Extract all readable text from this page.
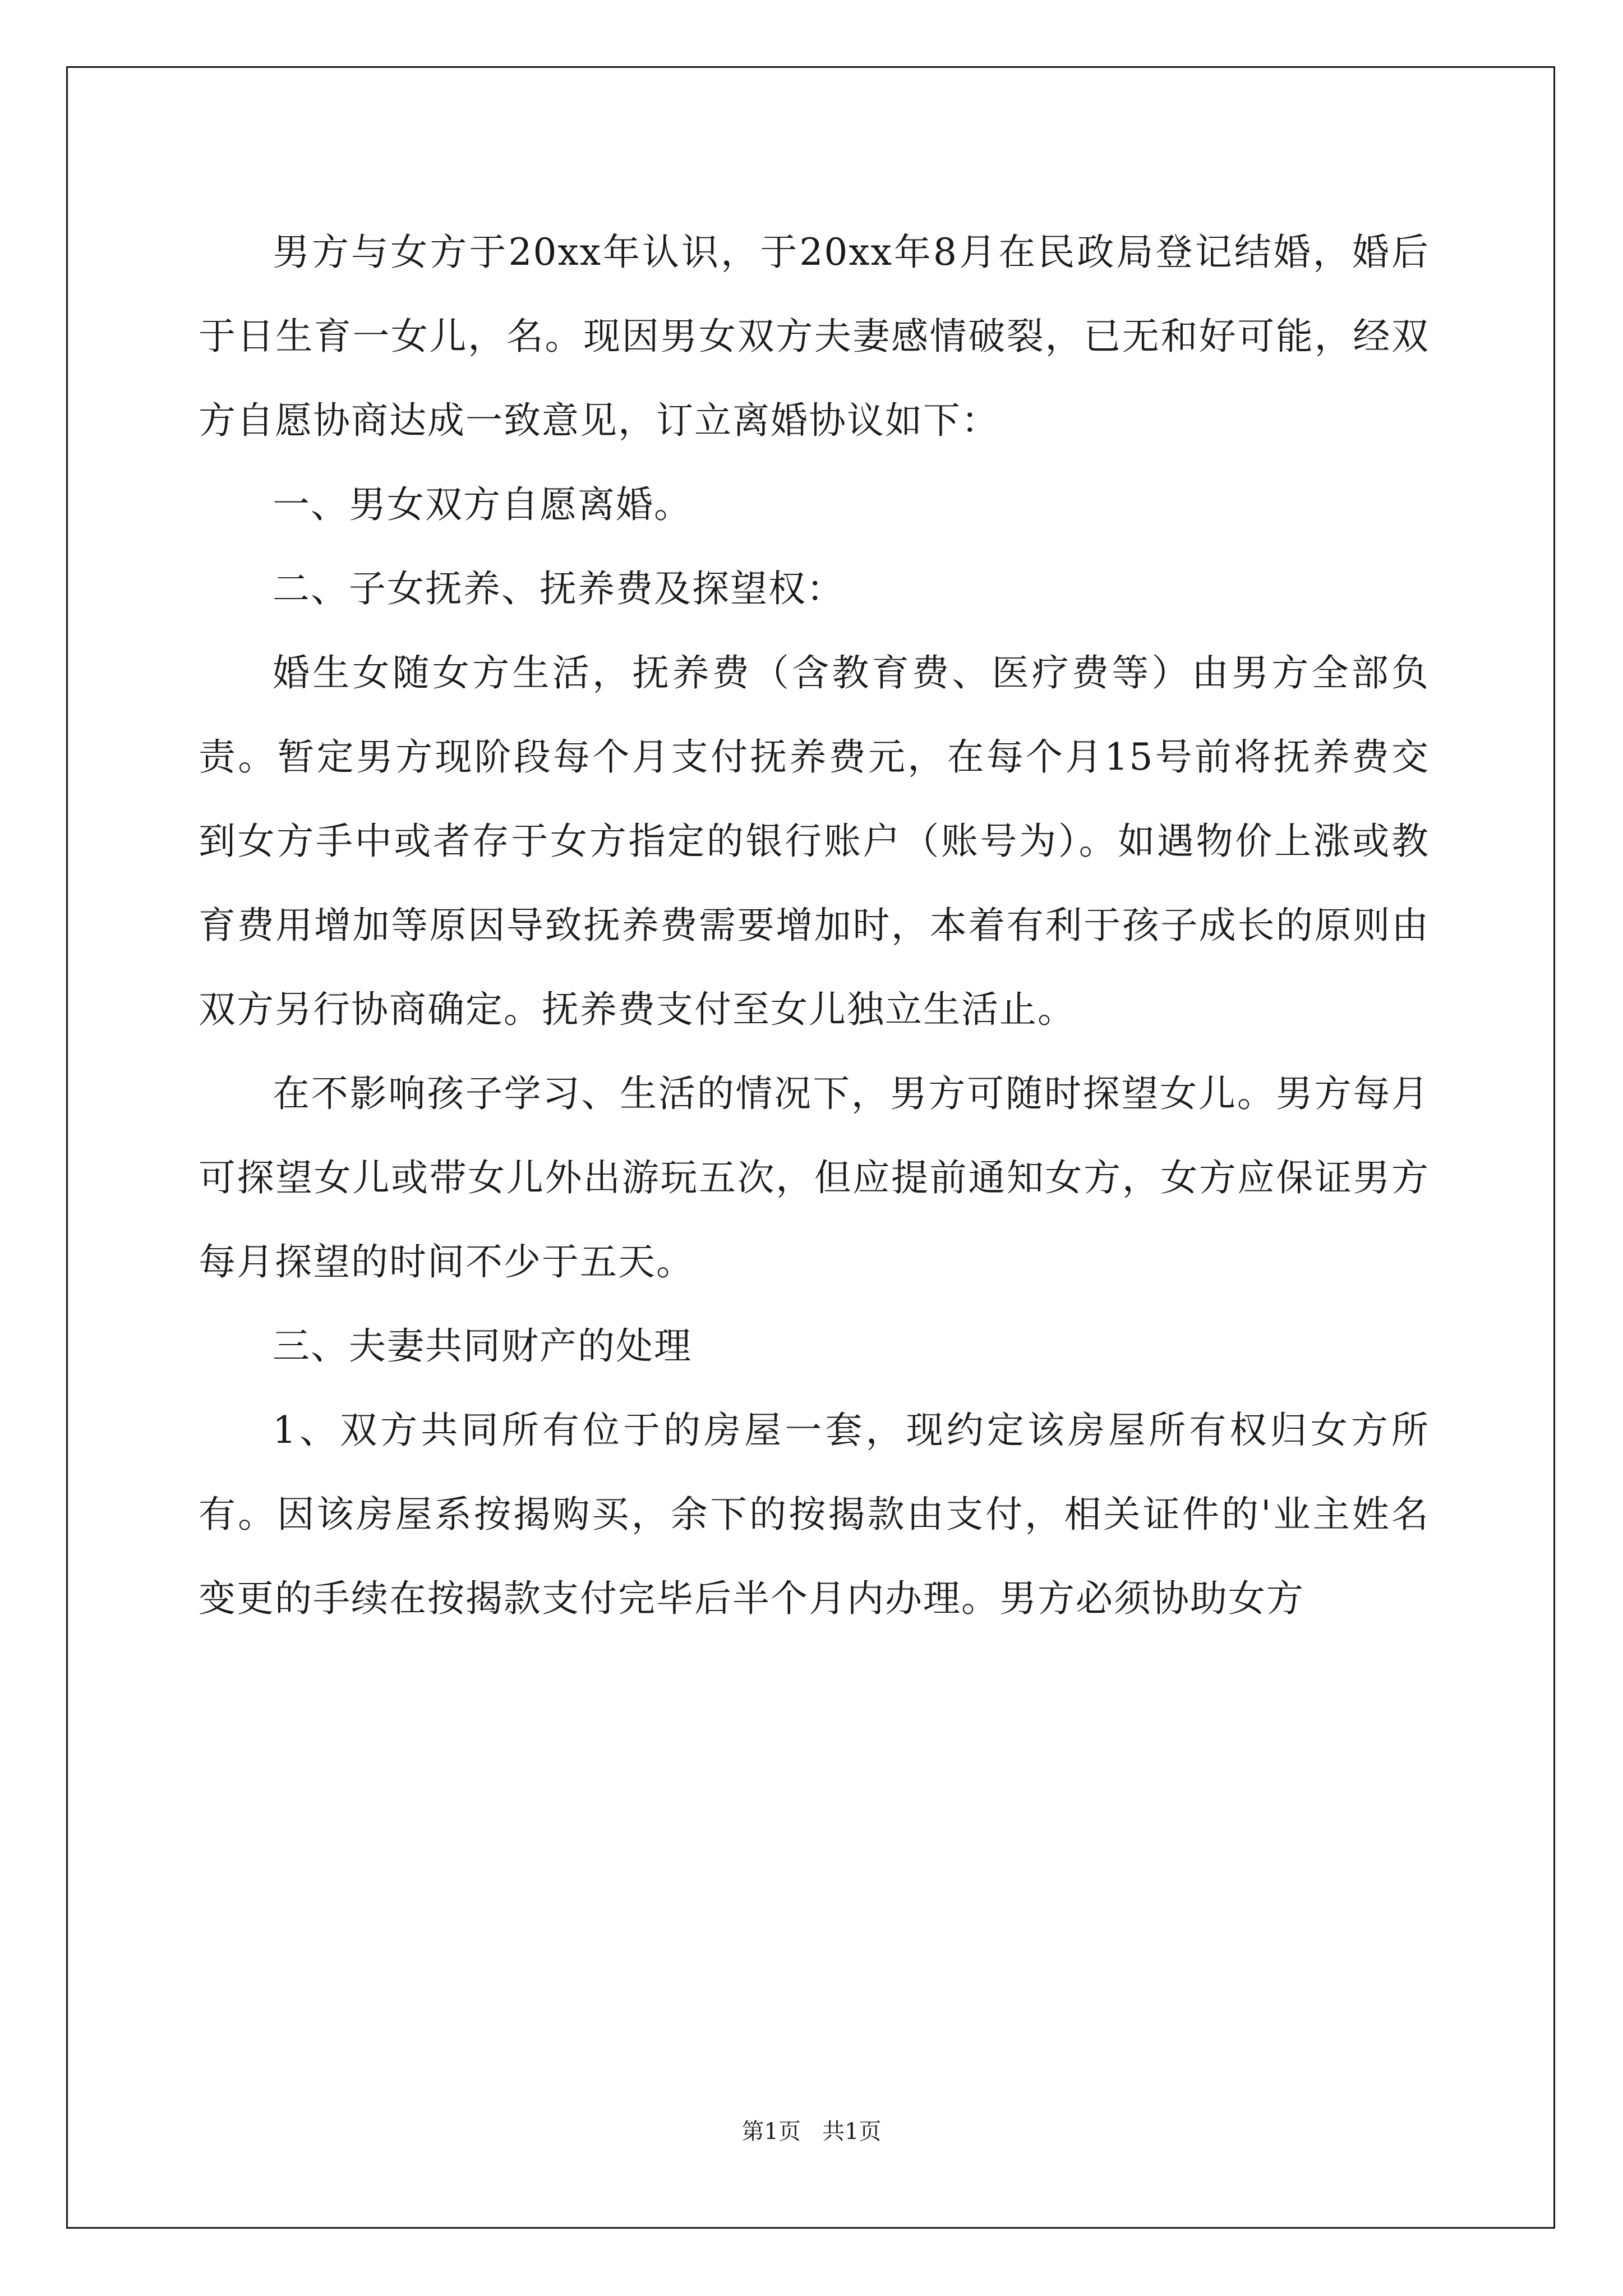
男方与女方于20xx年认识，于20xx年8月在民政局登记结婚，婚后于日生育一女儿，名。现因男女双方夫妻感情破裂，已无和好可能，经双方自愿协商达成一致意见，订立离婚协议如下：

一、男女双方自愿离婚。

二、子女抚养、抚养费及探望权：

婚生女随女方生活，抚养费（含教育费、医疗费等）由男方全部负责。暂定男方现阶段每个月支付抚养费元，在每个月15号前将抚养费交到女方手中或者存于女方指定的银行账户（账号为）。如遇物价上涨或教育费用增加等原因导致抚养费需要增加时，本着有利于孩子成长的原则由双方另行协商确定。抚养费支付至女儿独立生活止。

在不影响孩子学习、生活的情况下，男方可随时探望女儿。男方每月可探望女儿或带女儿外出游玩五次，但应提前通知女方，女方应保证男方每月探望的时间不少于五天。

三、夫妻共同财产的处理

1、双方共同所有位于的房屋一套，现约定该房屋所有权归女方所有。因该房屋系按揭购买，余下的按揭款由支付，相关证件的'业主姓名变更的手续在按揭款支付完毕后半个月内办理。男方必须协助女方

第1页   共1页
